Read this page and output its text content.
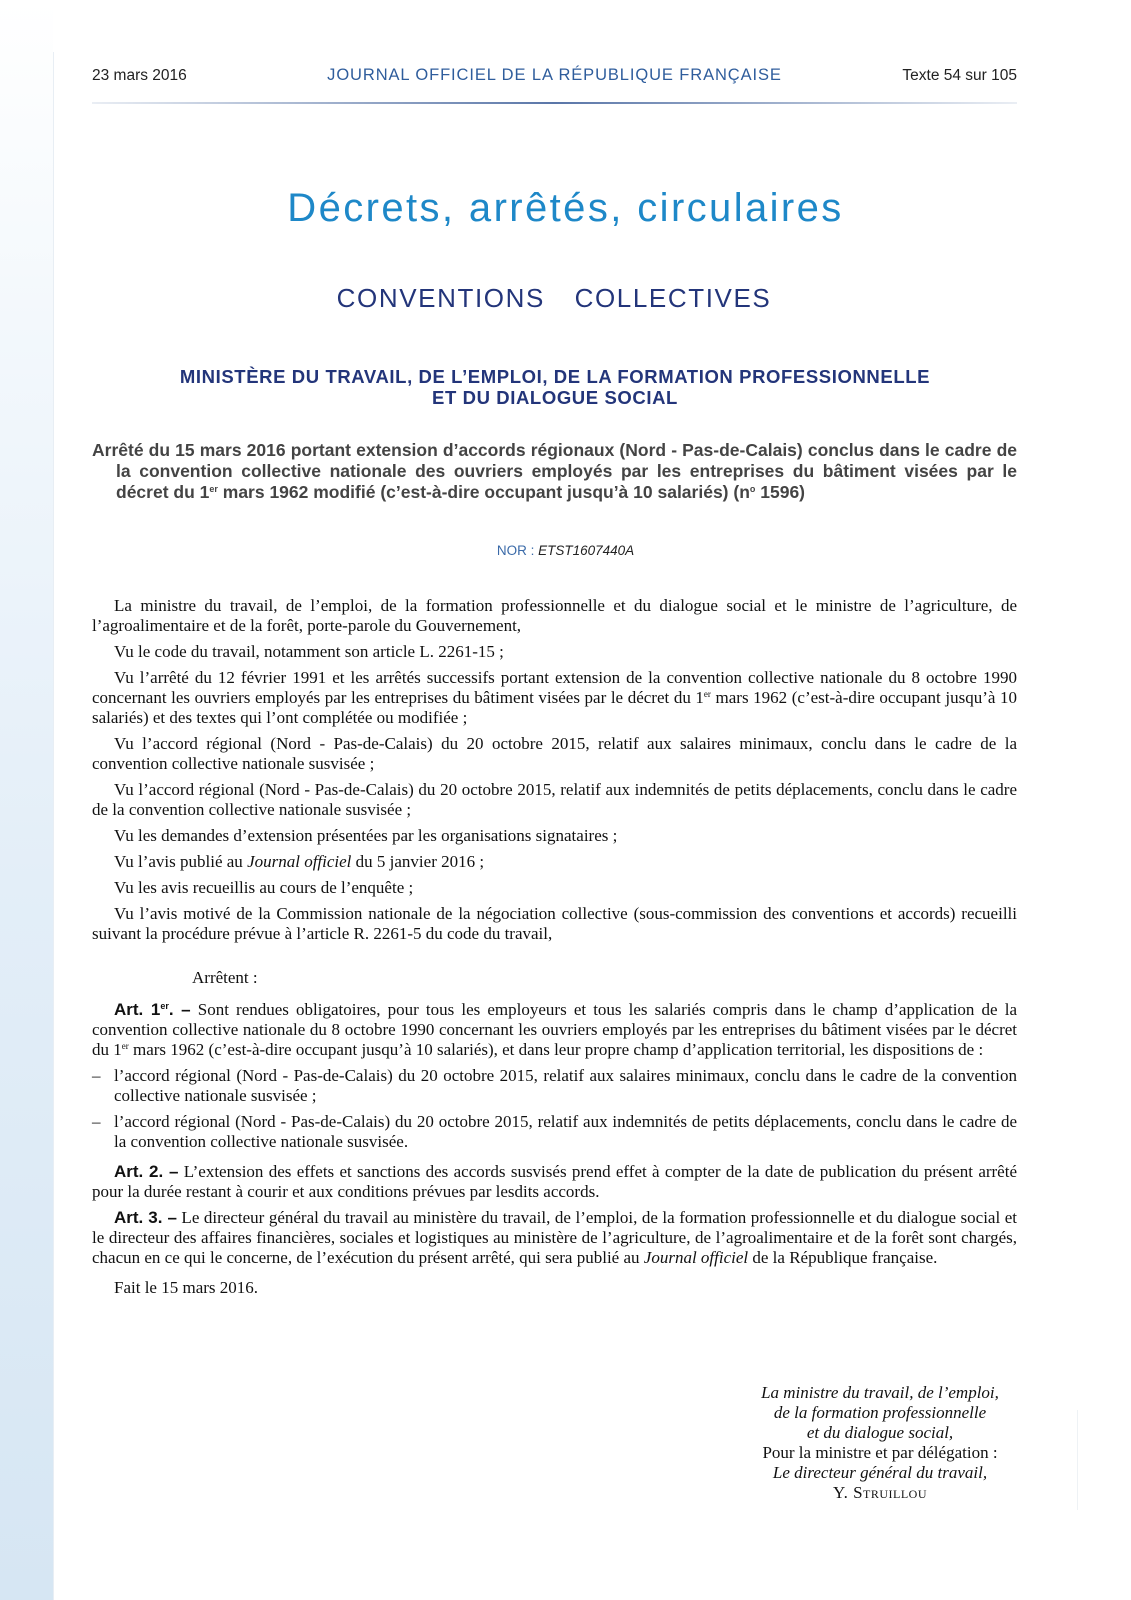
23 mars 2016	JOURNAL OFFICIEL DE LA RÉPUBLIQUE FRANÇAISE	Texte 54 sur 105
Décrets, arrêtés, circulaires
CONVENTIONS  COLLECTIVES
MINISTÈRE DU TRAVAIL, DE L’EMPLOI, DE LA FORMATION PROFESSIONNELLE
ET DU DIALOGUE SOCIAL
Arrêté du 15 mars 2016 portant extension d’accords régionaux (Nord - Pas-de-Calais) conclus dans le cadre de la convention collective nationale des ouvriers employés par les entreprises du bâtiment visées par le décret du 1er mars 1962 modifié (c’est-à-dire occupant jusqu’à 10 salariés) ($n^o$ 1596)
NOR : ETST1607440A

La ministre du travail, de l’emploi, de la formation professionnelle et du dialogue social et le ministre de l’agriculture, de l’agroalimentaire et de la forêt, porte-parole du Gouvernement,

Vu le code du travail, notamment son article L. 2261-15 ;

Vu l’arrêté du 12 février 1991 et les arrêtés successifs portant extension de la convention collective nationale du 8 octobre 1990 concernant les ouvriers employés par les entreprises du bâtiment visées par le décret du 1er mars 1962 (c’est-à-dire occupant jusqu’à 10 salariés) et des textes qui l’ont complétée ou modifiée ;

Vu l’accord régional (Nord - Pas-de-Calais) du 20 octobre 2015, relatif aux salaires minimaux, conclu dans le cadre de la convention collective nationale susvisée ;

Vu l’accord régional (Nord - Pas-de-Calais) du 20 octobre 2015, relatif aux indemnités de petits déplacements, conclu dans le cadre de la convention collective nationale susvisée ;

Vu les demandes d’extension présentées par les organisations signataires ;

Vu l’avis publié au Journal officiel du 5 janvier 2016 ;

Vu les avis recueillis au cours de l’enquête ;

Vu l’avis motivé de la Commission nationale de la négociation collective (sous-commission des conventions et accords) recueilli suivant la procédure prévue à l’article R. 2261-5 du code du travail,

Arrêtent :

Art. 1er. – Sont rendues obligatoires, pour tous les employeurs et tous les salariés compris dans le champ d’application de la convention collective nationale du 8 octobre 1990 concernant les ouvriers employés par les entreprises du bâtiment visées par le décret du 1er mars 1962 (c’est-à-dire occupant jusqu’à 10 salariés), et dans leur propre champ d’application territorial, les dispositions de :

– l’accord régional (Nord - Pas-de-Calais) du 20 octobre 2015, relatif aux salaires minimaux, conclu dans le cadre de la convention collective nationale susvisée ;
– l’accord régional (Nord - Pas-de-Calais) du 20 octobre 2015, relatif aux indemnités de petits déplacements, conclu dans le cadre de la convention collective nationale susvisée.

Art. 2. – L’extension des effets et sanctions des accords susvisés prend effet à compter de la date de publication du présent arrêté pour la durée restant à courir et aux conditions prévues par lesdits accords.

Art. 3. – Le directeur général du travail au ministère du travail, de l’emploi, de la formation professionnelle et du dialogue social et le directeur des affaires financières, sociales et logistiques au ministère de l’agriculture, de l’agroalimentaire et de la forêt sont chargés, chacun en ce qui le concerne, de l’exécution du présent arrêté, qui sera publié au Journal officiel de la République française.

Fait le 15 mars 2016.

La ministre du travail, de l’emploi,
de la formation professionnelle
et du dialogue social,
Pour la ministre et par délégation :
Le directeur général du travail,
Y. Struillou
